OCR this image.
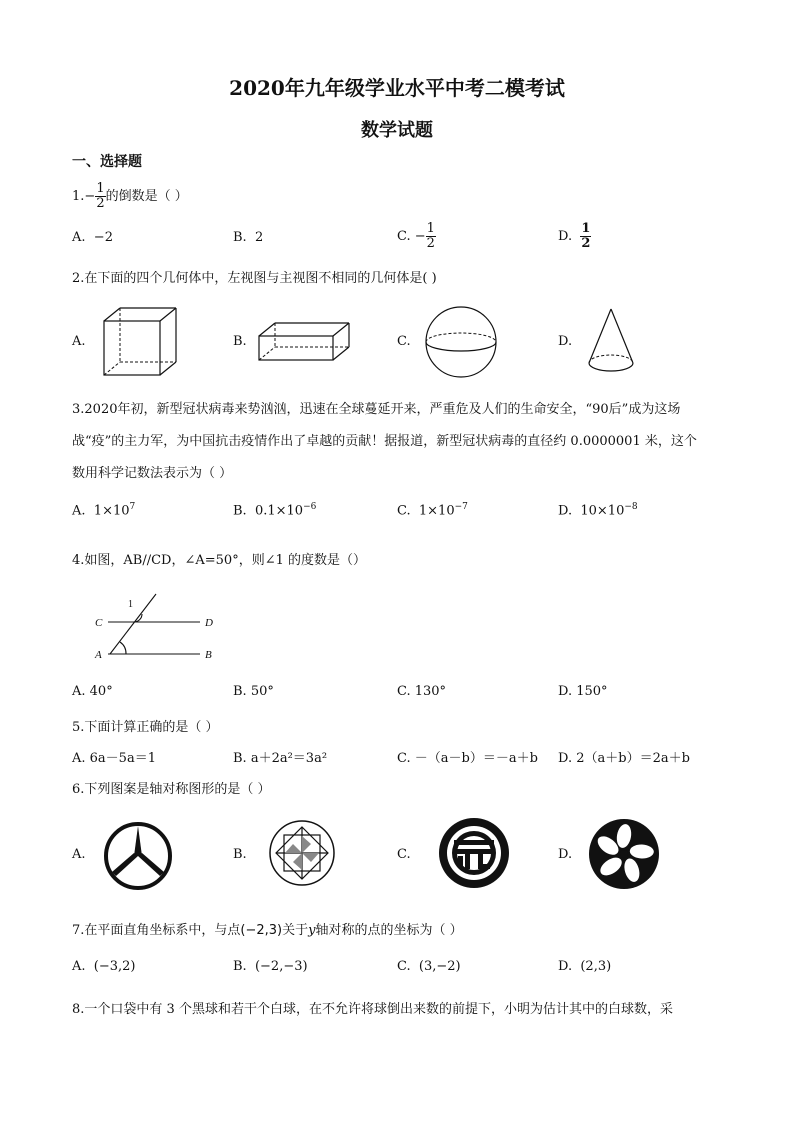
2020年九年级学业水平中考二模考试
数学试题
一、选择题
$1.- \frac{1}{2}$ 的倒数是（ ）
A. −2	B. 2	C. − $\frac{1}{2}$	D. $\frac{1}{2}$
2.在下面的四个几何体中，左视图与主视图不相同的几何体是( )
A.	B.	C.	D.
3.2020年初，新型冠状病毒来势汹汹，迅速在全球蔓延开来，严重危及人们的生命安全，“90后”成为这场
战“疫”的主力军，为中国抗击疫情作出了卓越的贡献！据报道，新型冠状病毒的直径约 0.0000001 米，这个
数用科学记数法表示为（ ）
A. $1\times 10^7$	B. $0.1\times 10^{-6}$	C. $1\times 10^{-7}$	D. $10\times 10^{-8}$
4.如图，AB//CD，∠A=50°，则∠1 的度数是（）
C	D
A	B
1
A. 40°	B. 50°	C. 130°	D. 150°
5.下面计算正确的是（ ）
A. 6a－5a＝1	B. a＋2a²＝3a²	C. －（a－b）＝－a＋b D. 2（a＋b）＝2a＋b
6.下列图案是轴对称图形的是（ ）
A.	B.	C.	D.
7.在平面直角坐标系中，与点(−2,3)关于y轴对称的点的坐标为（ ）
A. (−3,2)	B. (−2,−3)	C. (3,−2)	D. (2,3)
8.一个口袋中有 3 个黑球和若干个白球，在不允许将球倒出来数的前提下，小明为估计其中的白球数，采
